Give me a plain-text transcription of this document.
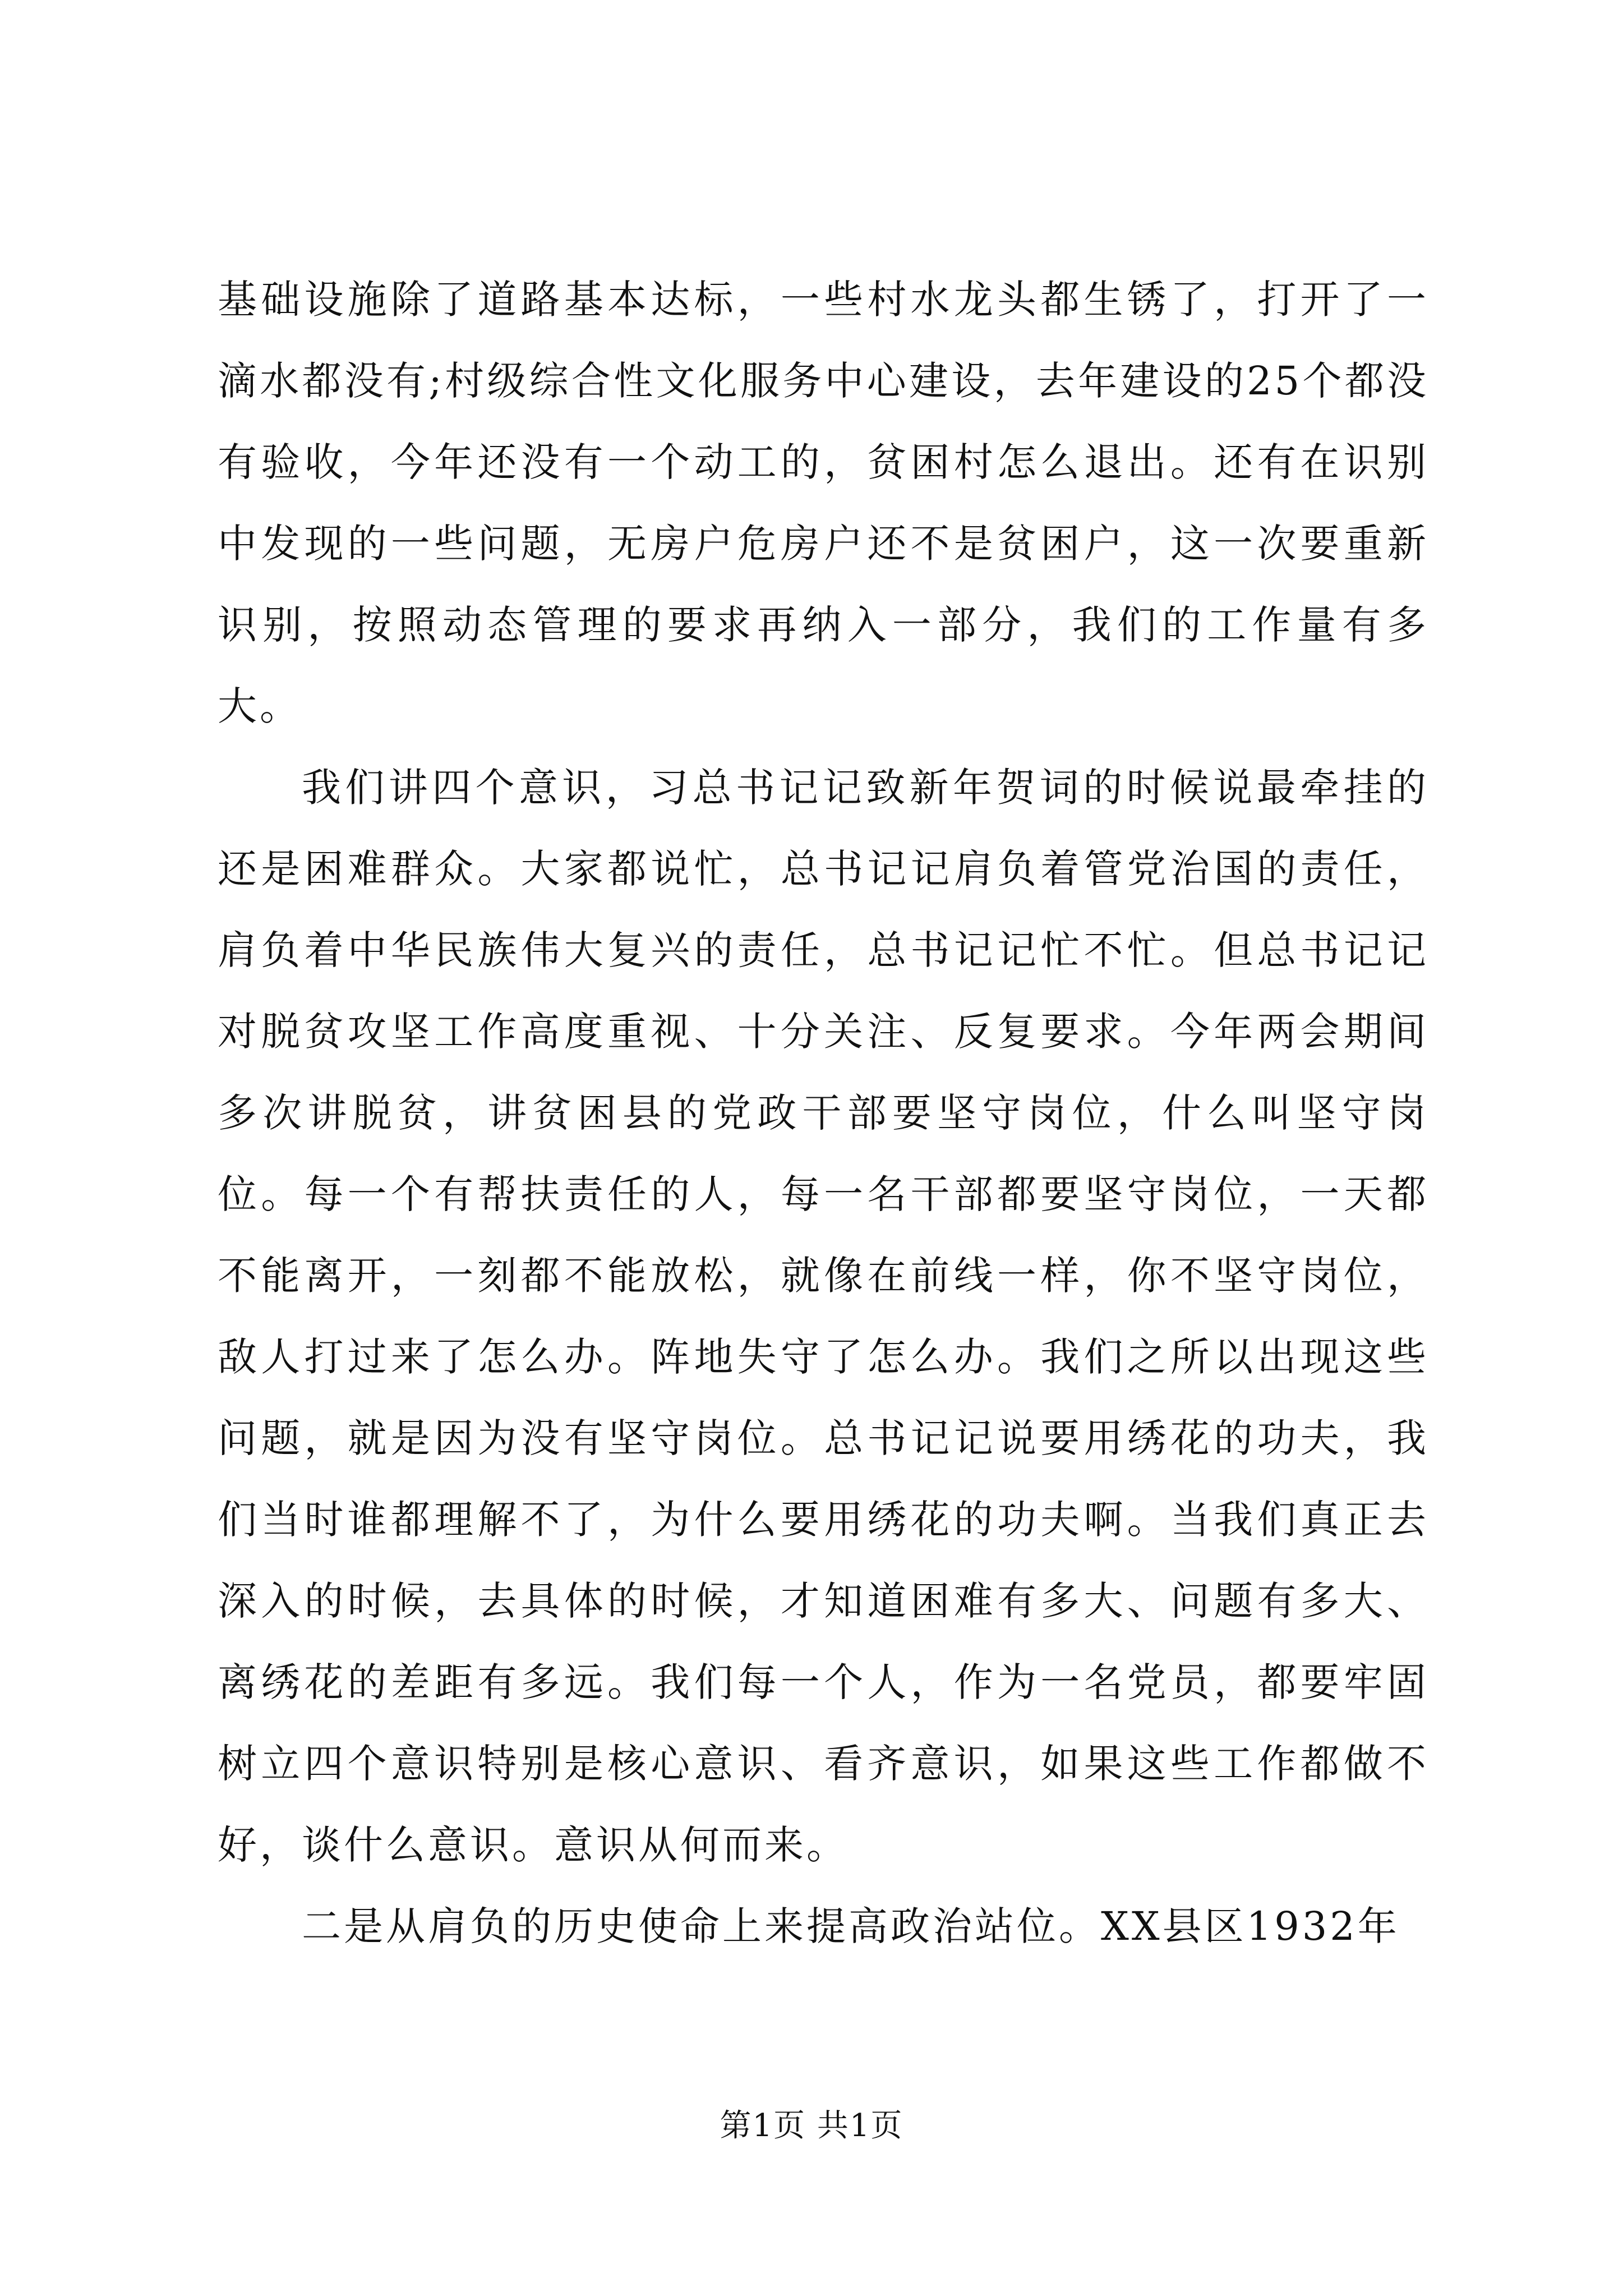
基础设施除了道路基本达标，一些村水龙头都生锈了，打开了一滴水都没有;村级综合性文化服务中心建设，去年建设的25个都没有验收，今年还没有一个动工的，贫困村怎么退出。还有在识别中发现的一些问题，无房户危房户还不是贫困户，这一次要重新识别，按照动态管理的要求再纳入一部分，我们的工作量有多大。

我们讲四个意识，习总书记记致新年贺词的时候说最牵挂的还是困难群众。大家都说忙，总书记记肩负着管党治国的责任，肩负着中华民族伟大复兴的责任，总书记记忙不忙。但总书记记对脱贫攻坚工作高度重视、十分关注、反复要求。今年两会期间多次讲脱贫，讲贫困县的党政干部要坚守岗位，什么叫坚守岗位。每一个有帮扶责任的人，每一名干部都要坚守岗位，一天都不能离开，一刻都不能放松，就像在前线一样，你不坚守岗位，敌人打过来了怎么办。阵地失守了怎么办。我们之所以出现这些问题，就是因为没有坚守岗位。总书记记说要用绣花的功夫，我们当时谁都理解不了，为什么要用绣花的功夫啊。当我们真正去深入的时候，去具体的时候，才知道困难有多大、问题有多大、离绣花的差距有多远。我们每一个人，作为一名党员，都要牢固树立四个意识特别是核心意识、看齐意识，如果这些工作都做不好，谈什么意识。意识从何而来。

二是从肩负的历史使命上来提高政治站位。XX县区1932年

第1页 共1页
